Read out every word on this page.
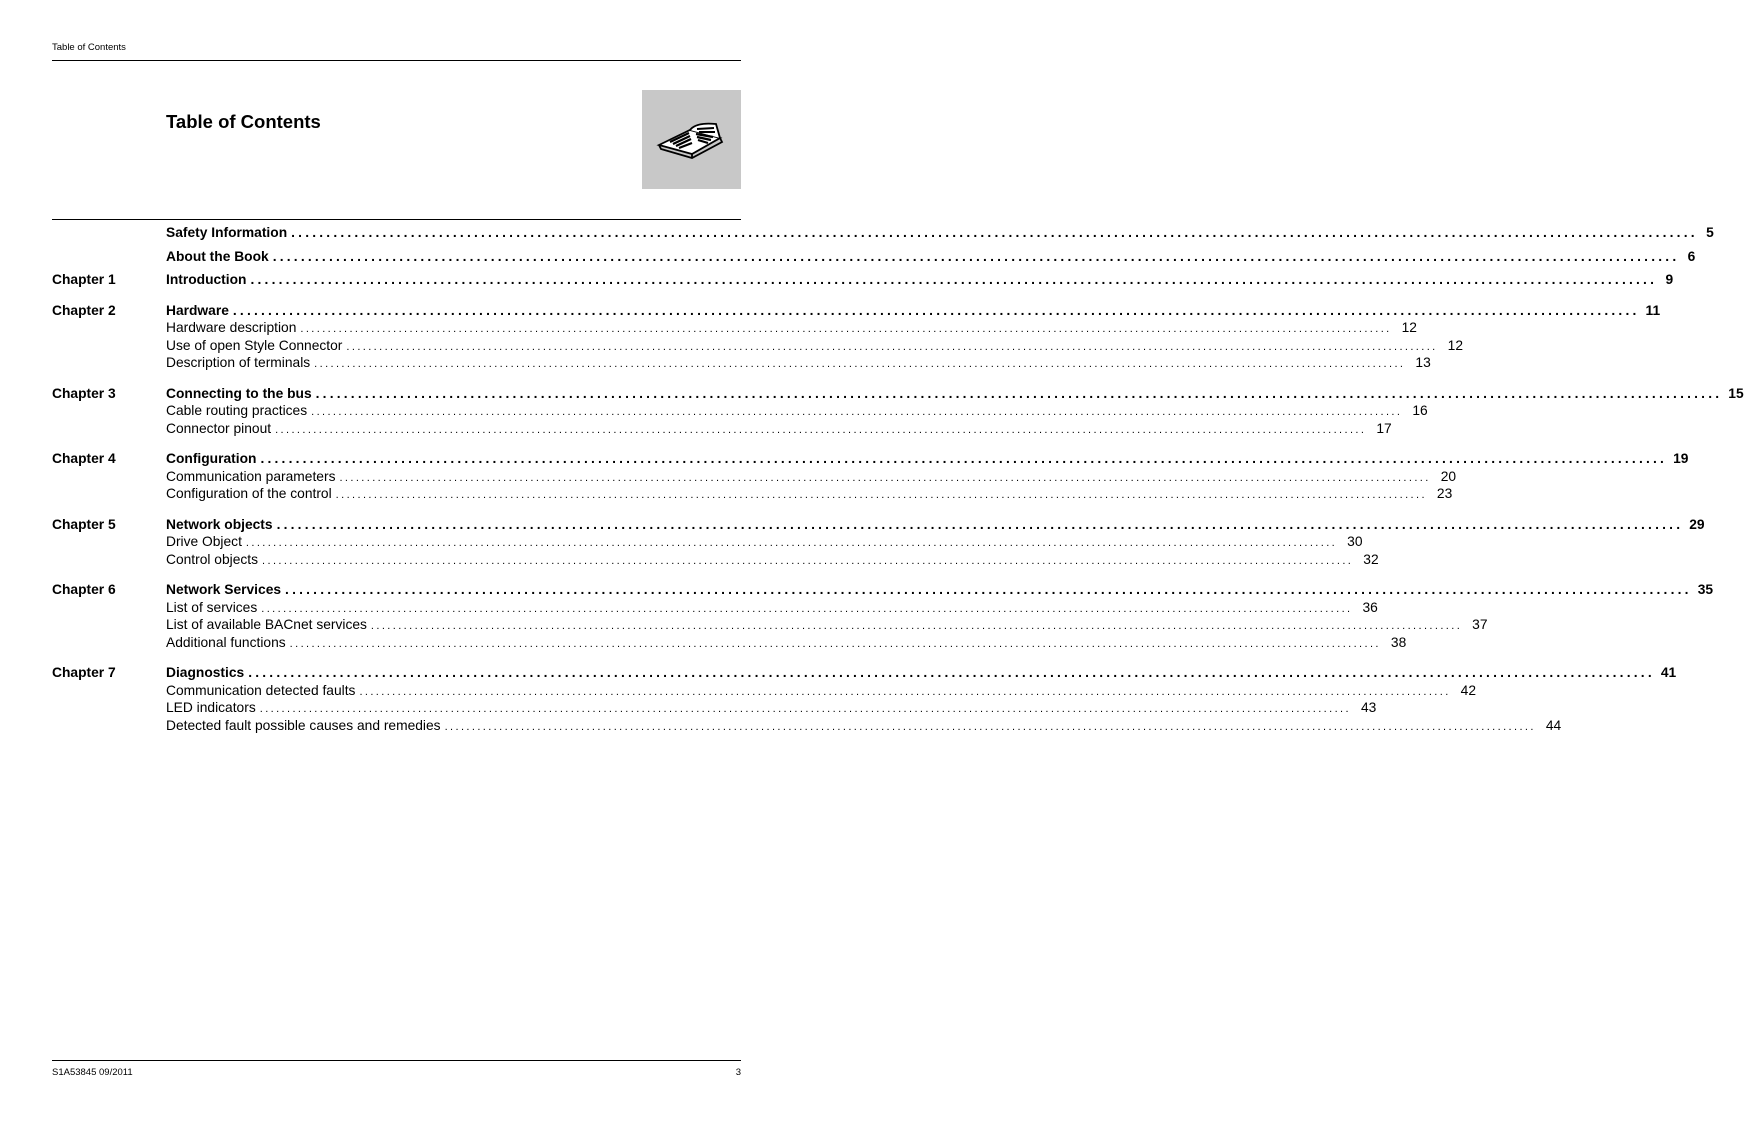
Table of Contents
Table of Contents
Safety Information ........................................................................................................................................................................................................ 5
About the Book ........................................................................................................................................................................................................ 6
Chapter 1	Introduction ........................................................................................................................................................................................................ 9
Chapter 2	Hardware ........................................................................................................................................................................................................ 11
Hardware description ........................................................................................................................................................................................................ 12
Use of open Style Connector ........................................................................................................................................................................................................ 12
Description of terminals ........................................................................................................................................................................................................ 13
Chapter 3	Connecting to the bus ........................................................................................................................................................................................................ 15
Cable routing practices ........................................................................................................................................................................................................ 16
Connector pinout ........................................................................................................................................................................................................ 17
Chapter 4	Configuration ........................................................................................................................................................................................................ 19
Communication parameters ........................................................................................................................................................................................................ 20
Configuration of the control ........................................................................................................................................................................................................ 23
Chapter 5	Network objects ........................................................................................................................................................................................................ 29
Drive Object ........................................................................................................................................................................................................ 30
Control objects ........................................................................................................................................................................................................ 32
Chapter 6	Network Services ........................................................................................................................................................................................................ 35
List of services ........................................................................................................................................................................................................ 36
List of available BACnet services ........................................................................................................................................................................................................ 37
Additional functions ........................................................................................................................................................................................................ 38
Chapter 7	Diagnostics ........................................................................................................................................................................................................ 41
Communication detected faults ........................................................................................................................................................................................................ 42
LED indicators ........................................................................................................................................................................................................ 43
Detected fault possible causes and remedies ........................................................................................................................................................................................................ 44
S1A53845 09/2011	3
